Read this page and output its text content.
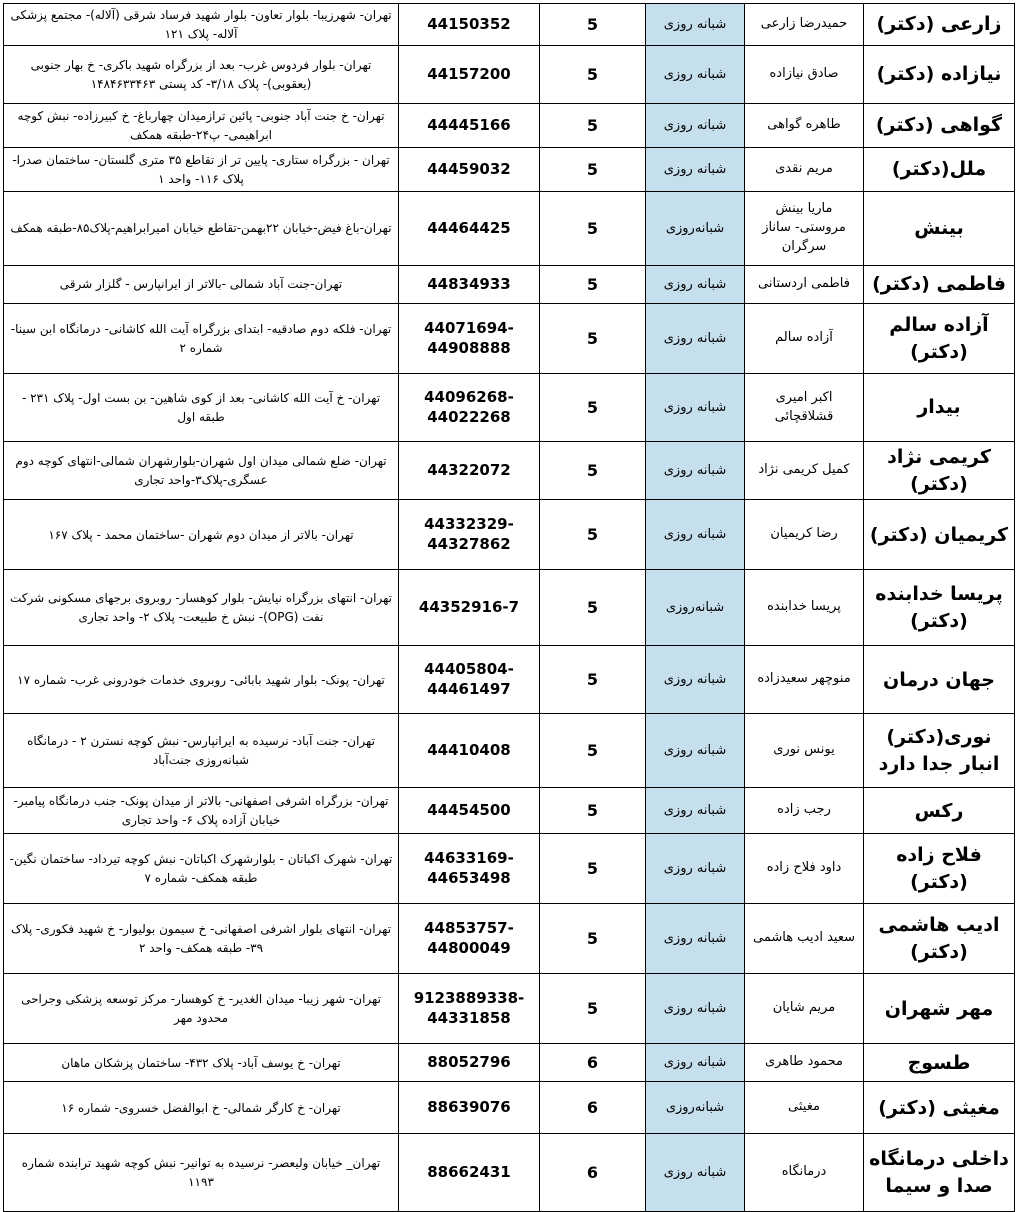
زارعی (دکتر)	حمیدرضا زارعی	شبانه روزی	5	44150352	تهران- شهرزیبا- بلوار تعاون- بلوار شهید فرساد شرقی (آلاله)- مجتمع پزشکی آلاله- پلاک ۱۲۱
نیازاده (دکتر)	صادق نیازاده	شبانه روزی	5	44157200	تهران- بلوار فردوس غرب- بعد از بزرگراه شهید باکری- خ بهار جنوبی (یعقوبی)- پلاک ۳/۱۸- کد پستی ۱۴۸۴۶۳۳۴۶۳
گواهی (دکتر)	طاهره گواهی	شبانه روزی	5	44445166	تهران- خ جنت آباد جنوبی- پائین ترازمیدان چهارباغ- خ کبیرزاده- نبش کوچه ابراهیمی- پ۲۴-طبقه همکف
ملل(دکتر)	مریم نقدی	شبانه روزی	5	44459032	تهران - بزرگراه ستاری- پایین تر از تقاطع ۳۵ متری گلستان- ساختمان صدرا- پلاک ۱۱۶- واحد ۱
بینش	ماریا بینش مروستی- ساناز سرگران	شبانه‌روزی	5	44464425	تهران-باغ فیض-خیابان ۲۲بهمن-تقاطع خیابان امیرابراهیم-پلاک۸۵-طبقه همکف
فاطمی (دکتر)	فاطمی اردستانی	شبانه روزی	5	44834933	تهران-جنت آباد شمالی -بالاتر از ایرانپارس - گلزار شرقی
آزاده سالم (دکتر)	آزاده سالم	شبانه روزی	5	44071694-44908888	تهران- فلکه دوم صادقیه- ابتدای بزرگراه آیت الله کاشانی- درمانگاه ابن سینا- شماره ۲
بیدار	اکبر امیری قشلاقچائی	شبانه روزی	5	44096268-44022268	تهران- خ آیت الله کاشانی- بعد از کوی شاهین- بن بست اول- پلاک ۲۳۱ - طبقه اول
کریمی نژاد (دکتر)	کمیل کریمی نژاد	شبانه روزی	5	44322072	تهران- ضلع شمالی میدان اول شهران-بلوارشهران شمالی-انتهای کوچه دوم عسگری-پلاک۳-واحد تجاری
کریمیان (دکتر)	رضا کریمیان	شبانه روزی	5	44332329-44327862	تهران- بالاتر از میدان دوم شهران -ساختمان محمد - پلاک ۱۶۷
پریسا خدابنده (دکتر)	پریسا خدابنده	شبانه‌روزی	5	44352916-7	تهران- انتهای بزرگراه نیایش- بلوار کوهسار- روبروی برجهای مسکونی شرکت نفت (OPG)- نبش خ طبیعت- پلاک ۲- واحد تجاری
جهان درمان	منوچهر سعیدزاده	شبانه روزی	5	44405804-44461497	تهران- پونک- بلوار شهید بابائی- روبروی خدمات خودرونی غرب- شماره ۱۷
نوری(دکتر) انبار جدا دارد	یونس نوری	شبانه روزی	5	44410408	تهران- جنت آباد- نرسیده به ایرانپارس- نبش کوچه نسترن ۲ - درمانگاه شبانه‌روزی جنت‌آباد
رکس	رجب زاده	شبانه روزی	5	44454500	تهران- بزرگراه اشرفی اصفهانی- بالاتر از میدان پونک- جنب درمانگاه پیامبر- خیابان آزاده پلاک ۶- واحد تجاری
فلاح زاده (دکتر)	داود فلاح زاده	شبانه روزی	5	44633169-44653498	تهران- شهرک اکباتان - بلوارشهرک اکباتان- نبش کوچه تیرداد- ساختمان نگین- طبقه همکف- شماره ۷
ادیب هاشمی (دکتر)	سعید ادیب هاشمی	شبانه روزی	5	44853757-44800049	تهران- انتهای بلوار اشرفی اصفهانی- خ سیمون بولیوار- خ شهید فکوری- پلاک ۳۹- طبقه همکف- واحد ۲
مهر شهران	مریم شایان	شبانه روزی	5	9123889338-44331858	تهران- شهر زیبا- میدان الغدیر- خ کوهسار- مرکز توسعه پزشکی وجراحی محدود مهر
طسوج	محمود طاهری	شبانه روزی	6	88052796	تهران- خ یوسف آباد- پلاک ۴۳۲- ساختمان پزشکان ماهان
مغیثی (دکتر)	مغیثی	شبانه‌روزی	6	88639076	تهران- خ کارگر شمالی- خ ابوالفضل خسروی- شماره ۱۶
داخلی درمانگاه صدا و سیما	درمانگاه	شبانه روزی	6	88662431	تهران_ خیابان ولیعصر- نرسیده به توانیر- نبش کوچه شهید ترابنده شماره ۱۱۹۳
